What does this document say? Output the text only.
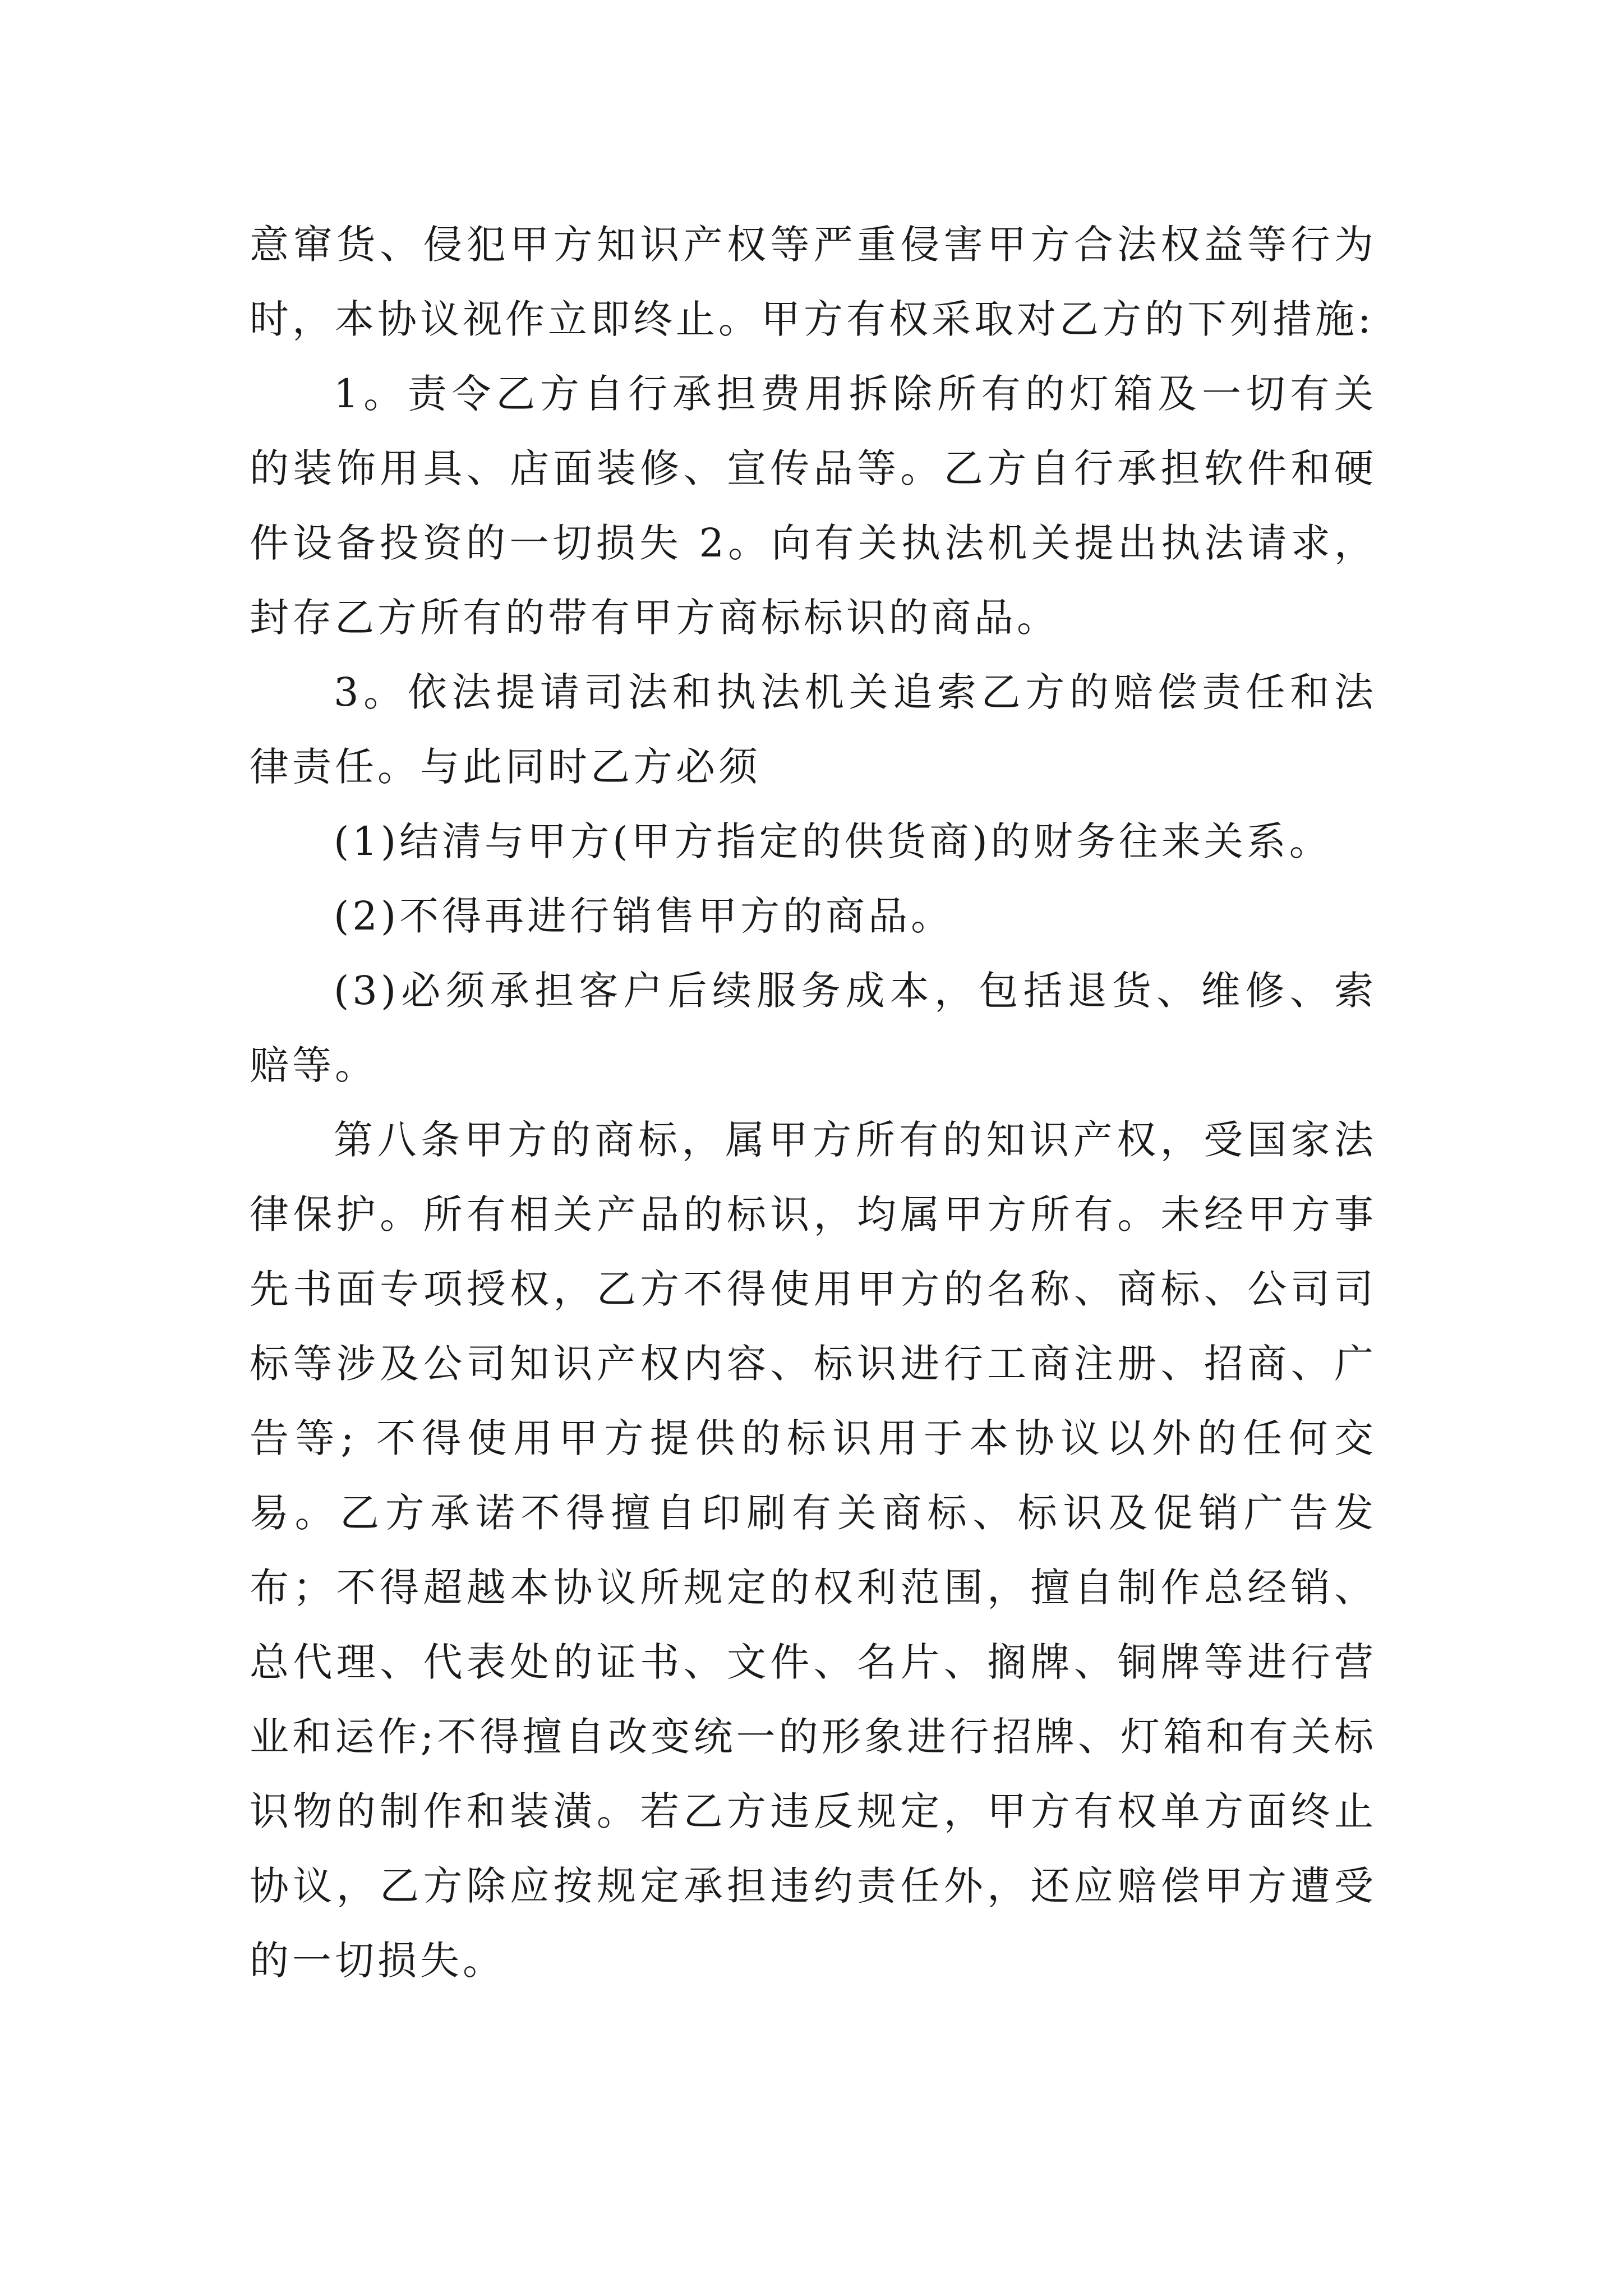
意窜货、侵犯甲方知识产权等严重侵害甲方合法权益等行为时，本协议视作立即终止。甲方有权采取对乙方的下列措施:

1。责令乙方自行承担费用拆除所有的灯箱及一切有关的装饰用具、店面装修、宣传品等。乙方自行承担软件和硬件设备投资的一切损失 2。向有关执法机关提出执法请求，封存乙方所有的带有甲方商标标识的商品。

3。依法提请司法和执法机关追索乙方的赔偿责任和法律责任。与此同时乙方必须

(1)结清与甲方(甲方指定的供货商)的财务往来关系。

(2)不得再进行销售甲方的商品。

(3)必须承担客户后续服务成本，包括退货、维修、索赔等。

第八条甲方的商标，属甲方所有的知识产权，受国家法律保护。所有相关产品的标识，均属甲方所有。未经甲方事先书面专项授权，乙方不得使用甲方的名称、商标、公司司标等涉及公司知识产权内容、标识进行工商注册、招商、广告等; 不得使用甲方提供的标识用于本协议以外的任何交易。乙方承诺不得擅自印刷有关商标、标识及促销广告发布；不得超越本协议所规定的权利范围，擅自制作总经销、总代理、代表处的证书、文件、名片、搁牌、铜牌等进行营业和运作;不得擅自改变统一的形象进行招牌、灯箱和有关标识物的制作和装潢。若乙方违反规定，甲方有权单方面终止协议，乙方除应按规定承担违约责任外，还应赔偿甲方遭受的一切损失。
